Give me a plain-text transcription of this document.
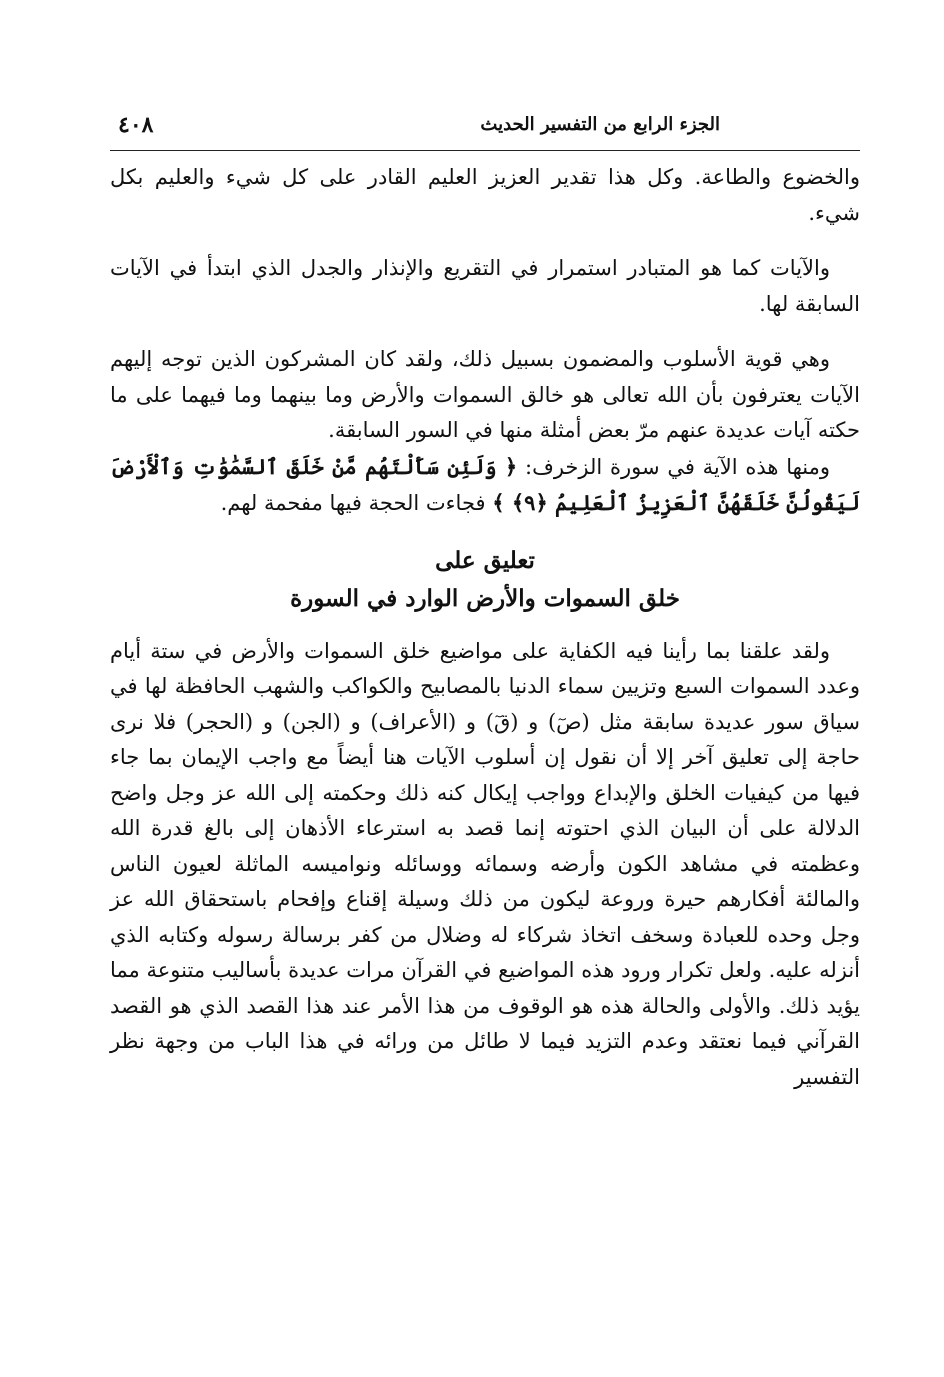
الجزء الرابع من التفسير الحديث
٤٠٨

والخضوع والطاعة. وكل هذا تقدير العزيز العليم القادر على كل شيء والعليم بكل شيء.

والآيات كما هو المتبادر استمرار في التقريع والإنذار والجدل الذي ابتدأ في الآيات السابقة لها.

وهي قوية الأسلوب والمضمون بسبيل ذلك، ولقد كان المشركون الذين توجه إليهم الآيات يعترفون بأن الله تعالى هو خالق السموات والأرض وما بينهما وما فيهما على ما حكته آيات عديدة عنهم مرّ بعض أمثلة منها في السور السابقة.

ومنها هذه الآية في سورة الزخرف: ﴿ وَلَئِن سَأَلْتَهُم مَّنْ خَلَقَ ٱلسَّمَٰوَٰتِ وَٱلْأَرْضَ لَيَقُولُنَّ خَلَقَهُنَّ ٱلْعَزِيزُ ٱلْعَلِيمُ ﴿٩﴾ ﴾ فجاءت الحجة فيها مفحمة لهم.

تعليق على
خلق السموات والأرض الوارد في السورة

ولقد علقنا بما رأينا فيه الكفاية على مواضيع خلق السموات والأرض في ستة أيام وعدد السموات السبع وتزيين سماء الدنيا بالمصابيح والكواكب والشهب الحافظة لها في سياق سور عديدة سابقة مثل (صٓ) و (قٓ) و (الأعراف) و (الجن) و (الحجر) فلا نرى حاجة إلى تعليق آخر إلا أن نقول إن أسلوب الآيات هنا أيضاً مع واجب الإيمان بما جاء فيها من كيفيات الخلق والإبداع وواجب إيكال كنه ذلك وحكمته إلى الله عز وجل واضح الدلالة على أن البيان الذي احتوته إنما قصد به استرعاء الأذهان إلى بالغ قدرة الله وعظمته في مشاهد الكون وأرضه وسمائه ووسائله ونواميسه الماثلة لعيون الناس والمالئة أفكارهم حيرة وروعة ليكون من ذلك وسيلة إقناع وإفحام باستحقاق الله عز وجل وحده للعبادة وسخف اتخاذ شركاء له وضلال من كفر برسالة رسوله وكتابه الذي أنزله عليه. ولعل تكرار ورود هذه المواضيع في القرآن مرات عديدة بأساليب متنوعة مما يؤيد ذلك. والأولى والحالة هذه هو الوقوف من هذا الأمر عند هذا القصد الذي هو القصد القرآني فيما نعتقد وعدم التزيد فيما لا طائل من ورائه في هذا الباب من وجهة نظر التفسير
